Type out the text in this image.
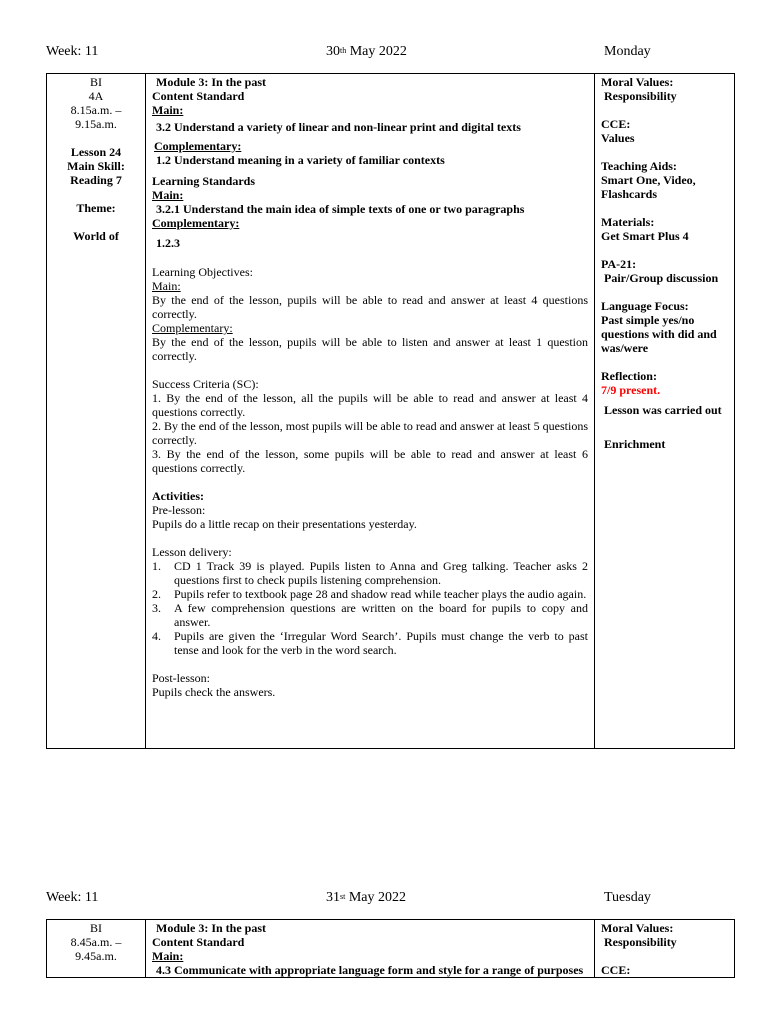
Week: 11	30th May 2022	Monday
BI
4A
8.15a.m. –
9.15a.m.
Lesson 24
Main Skill:
Reading 7
Theme:
World of

Module 3: In the past
Content Standard
Main:
3.2 Understand a variety of linear and non-linear print and digital texts
Complementary:
1.2 Understand meaning in a variety of familiar contexts
Learning Standards
Main:
3.2.1 Understand the main idea of simple texts of one or two paragraphs
Complementary:
1.2.3
Learning Objectives:
Main:
By the end of the lesson, pupils will be able to read and answer at least 4 questions correctly.
Complementary:
By the end of the lesson, pupils will be able to listen and answer at least 1 question correctly.
Success Criteria (SC):
1. By the end of the lesson, all the pupils will be able to read and answer at least 4 questions correctly.
2. By the end of the lesson, most pupils will be able to read and answer at least 5 questions correctly.
3. By the end of the lesson, some pupils will be able to read and answer at least 6 questions correctly.
Activities:
Pre-lesson:
Pupils do a little recap on their presentations yesterday.
Lesson delivery:
1. CD 1 Track 39 is played. Pupils listen to Anna and Greg talking. Teacher asks 2 questions first to check pupils listening comprehension.
2. Pupils refer to textbook page 28 and shadow read while teacher plays the audio again.
3. A few comprehension questions are written on the board for pupils to copy and answer.
4. Pupils are given the ‘Irregular Word Search’. Pupils must change the verb to past tense and look for the verb in the word search.
Post-lesson:
Pupils check the answers.

Moral Values:
Responsibility
CCE:
Values
Teaching Aids:
Smart One, Video,
Flashcards
Materials:
Get Smart Plus 4
PA-21:
Pair/Group discussion
Language Focus:
Past simple yes/no
questions with did and
was/were
Reflection:
7/9 present.
Lesson was carried out
Enrichment
Week: 11	31st May 2022	Tuesday
BI
8.45a.m. –
9.45a.m.

Module 3: In the past
Content Standard
Main:
4.3 Communicate with appropriate language form and style for a range of purposes

Moral Values:
Responsibility
CCE:
